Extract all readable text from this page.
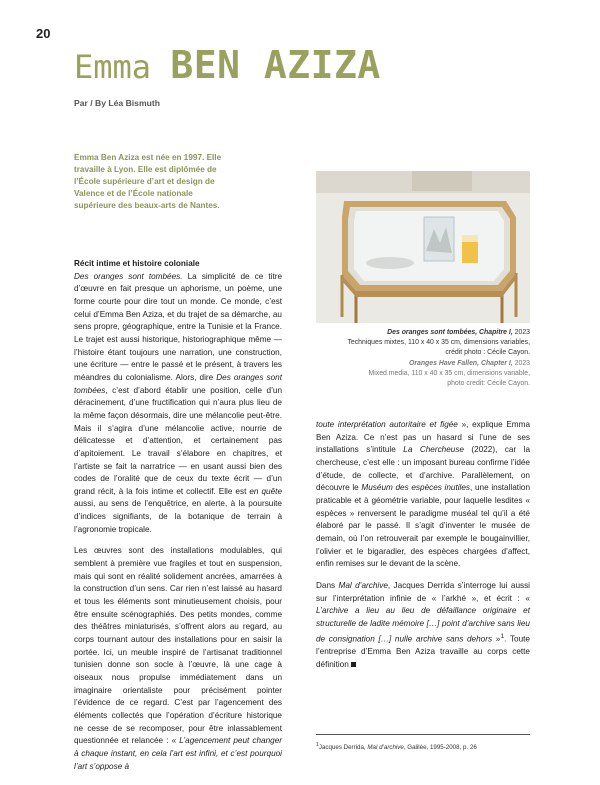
20
Emma BEN AZIZA
Par / By Léa Bismuth
Emma Ben Aziza est née en 1997. Elle travaille à Lyon. Elle est diplômée de l’École supérieure d’art et design de Valence et de l’École nationale supérieure des beaux-arts de Nantes.
Des oranges sont tombées, Chapitre I, 2023
Techniques mixtes, 110 x 40 x 35 cm, dimensions variables,
crédit photo : Cécile Cayon.
Oranges Have Fallen, Chapter I, 2023
Mixed media, 110 x 40 x 35 cm, dimensions variable,
photo credit: Cécile Cayon.
Récit intime et histoire coloniale

Des oranges sont tombées. La simplicité de ce titre d’œuvre en fait presque un aphorisme, un poème, une forme courte pour dire tout un monde. Ce monde, c’est celui d’Emma Ben Aziza, et du trajet de sa démarche, au sens propre, géographique, entre la Tunisie et la France. Le trajet est aussi historique, historiographique même — l’histoire étant toujours une narration, une construction, une écriture — entre le passé et le présent, à travers les méandres du colonialisme. Alors, dire Des oranges sont tombées, c’est d’abord établir une position, celle d’un déracinement, d’une fructification qui n’aura plus lieu de la même façon désormais, dire une mélancolie peut-être. Mais il s’agira d’une mélancolie active, nourrie de délicatesse et d’attention, et certainement pas d’apitoiement. Le travail s’élabore en chapitres, et l’artiste se fait la narratrice — en usant aussi bien des codes de l’oralité que de ceux du texte écrit — d’un grand récit, à la fois intime et collectif. Elle est en quête aussi, au sens de l’enquêtrice, en alerte, à la poursuite d’indices signifiants, de la botanique de terrain à l’agronomie tropicale.

Les œuvres sont des installations modulables, qui semblent à première vue fragiles et tout en suspension, mais qui sont en réalité solidement ancrées, amarrées à la construction d’un sens. Car rien n’est laissé au hasard et tous les éléments sont minutieusement choisis, pour être ensuite scénographiés. Des petits mondes, comme des théâtres miniaturisés, s’offrent alors au regard, au corps tournant autour des installations pour en saisir la portée. Ici, un meuble inspiré de l’artisanat traditionnel tunisien donne son socle à l’œuvre, là une cage à oiseaux nous propulse immédiatement dans un imaginaire orientaliste pour précisément pointer l’évidence de ce regard. C’est par l’agencement des éléments collectés que l’opération d’écriture historique ne cesse de se recomposer, pour être inlassablement questionnée et relancée : « L’agencement peut changer à chaque instant, en cela l’art est infini, et c’est pourquoi l’art s’oppose à

toute interprétation autoritaire et figée », explique Emma Ben Aziza. Ce n’est pas un hasard si l’une de ses installations s’intitule La Chercheuse (2022), car la chercheuse, c’est elle : un imposant bureau confirme l’idée d’étude, de collecte, et d’archive. Parallèlement, on découvre le Muséum des espèces inutiles, une installation praticable et à géométrie variable, pour laquelle lesdites « espèces » renversent le paradigme muséal tel qu’il a été élaboré par le passé. Il s’agit d’inventer le musée de demain, où l’on retrouverait par exemple le bougainvillier, l’olivier et le bigaradier, des espèces chargées d’affect, enfin remises sur le devant de la scène.

Dans Mal d’archive, Jacques Derrida s’interroge lui aussi sur l’interprétation infinie de « l’arkhé », et écrit : « L’archive a lieu au lieu de défaillance originaire et structurelle de ladite mémoire […] point d’archive sans lieu de consignation […] nulle archive sans dehors »$^1$. Toute l’entreprise d’Emma Ben Aziza travaille au corps cette définition

$^1$Jacques Derrida, Mal d’archive, Galilée, 1995-2008, p. 26
